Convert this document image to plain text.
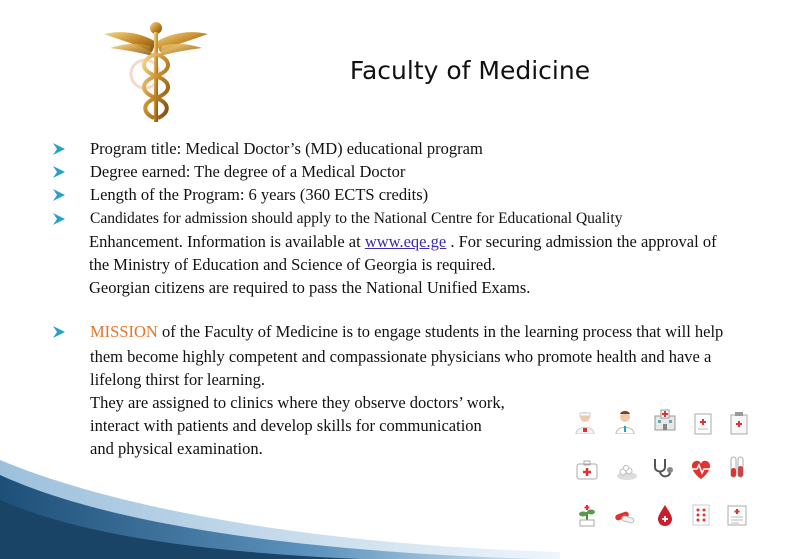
Faculty of Medicine
Program title: Medical Doctor’s (MD) educational program
Degree earned: The degree of a Medical Doctor
Length of the Program: 6 years (360 ECTS credits)
Candidates for admission should apply to the National Centre for Educational Quality
Enhancement. Information is available at www.eqe.ge . For securing admission the approval of
the Ministry of Education and Science of Georgia is required.
Georgian citizens are required to pass the National Unified Exams.
MISSION of the Faculty of Medicine is to engage students in the learning process that will help
them become highly competent and compassionate physicians who promote health and have a
lifelong thirst for learning.
They are assigned to clinics where they observe doctors’ work,
interact with patients and develop skills for communication
and physical examination.
